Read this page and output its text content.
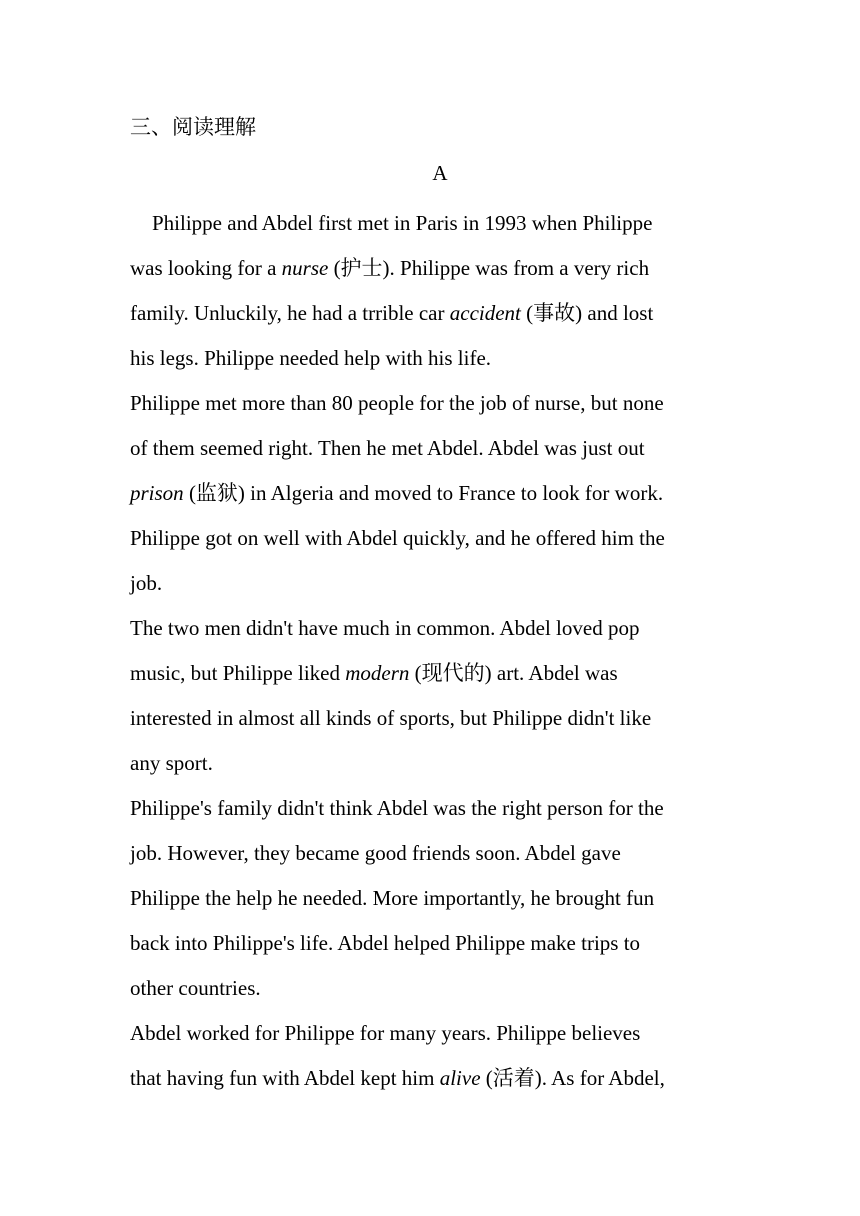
三、阅读理解
A
Philippe and Abdel first met in Paris in 1993 when Philippe
was looking for a nurse (护士). Philippe was from a very rich
family. Unluckily, he had a trrible car accident (事故) and lost
his legs. Philippe needed help with his life.
Philippe met more than 80 people for the job of nurse, but none
of them seemed right. Then he met Abdel. Abdel was just out
prison (监狱) in Algeria and moved to France to look for work.
Philippe got on well with Abdel quickly, and he offered him the
job.
The two men didn't have much in common. Abdel loved pop
music, but Philippe liked modern (现代的) art. Abdel was
interested in almost all kinds of sports, but Philippe didn't like
any sport.
Philippe's family didn't think Abdel was the right person for the
job. However, they became good friends soon. Abdel gave
Philippe the help he needed. More importantly, he brought fun
back into Philippe's life. Abdel helped Philippe make trips to
other countries.
Abdel worked for Philippe for many years. Philippe believes
that having fun with Abdel kept him alive (活着). As for Abdel,
